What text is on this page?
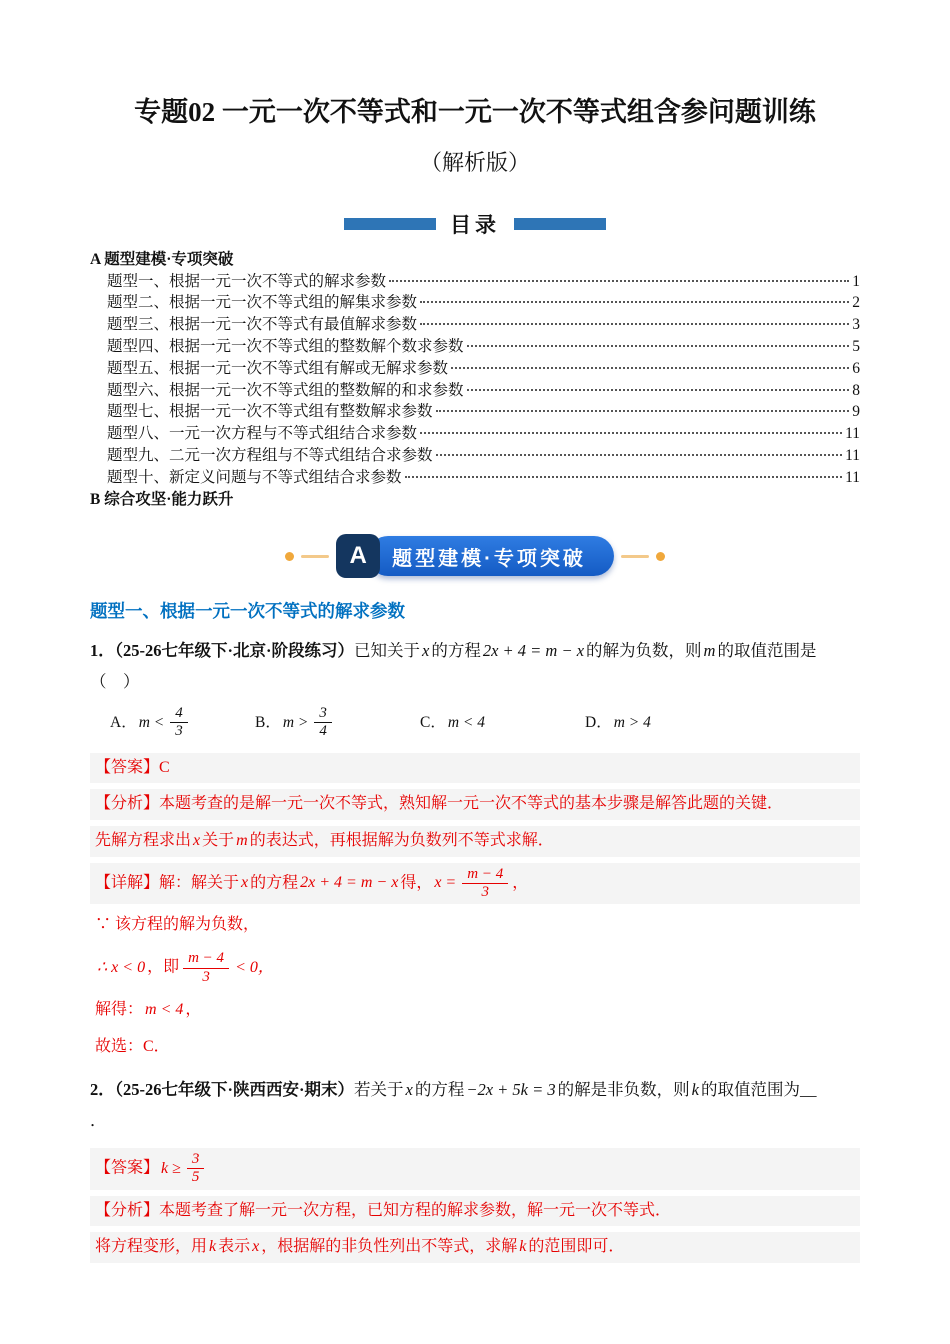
专题02 一元一次不等式和一元一次不等式组含参问题训练
（解析版）
目录
A 题型建模·专项突破
题型一、根据一元一次不等式的解求参数	1
题型二、根据一元一次不等式组的解集求参数	2
题型三、根据一元一次不等式有最值解求参数	3
题型四、根据一元一次不等式组的整数解个数求参数	5
题型五、根据一元一次不等式组有解或无解求参数	6
题型六、根据一元一次不等式组的整数解的和求参数	8
题型七、根据一元一次不等式组有整数解求参数	9
题型八、一元一次方程与不等式组结合求参数	11
题型九、二元一次方程组与不等式组结合求参数	11
题型十、新定义问题与不等式组结合求参数	11
B 综合攻坚·能力跃升
A	题型建模·专项突破
题型一、根据一元一次不等式的解求参数

1．（25-26七年级下·北京·阶段练习）已知关于 x 的方程 2x + 4 = m − x 的解为负数，则 m 的取值范围是

（　）

A． $m < \frac{4}{3}$	B． $m > \frac{3}{4}$	C． m < 4	D． m > 4

【答案】C

【分析】本题考查的是解一元一次不等式，熟知解一元一次不等式的基本步骤是解答此题的关键．

先解方程求出 x 关于 m 的表达式，再根据解为负数列不等式求解．

【详解】解：解关于 x 的方程 2x + 4 = m − x 得， $x = \frac{m - 4}{3}$ ，

∵ 该方程的解为负数，

∴ x < 0 ，即 $\frac{m - 4}{3} < 0$，

解得： m < 4 ，

故选：C．

2．（25-26七年级下·陕西西安·期末）若关于 x 的方程 −2x + 5k = 3 的解是非负数，则 k 的取值范围为__

．

【答案】 $k \ge \frac{3}{5}$

【分析】本题考查了解一元一次方程，已知方程的解求参数，解一元一次不等式．

将方程变形，用 k 表示 x ，根据解的非负性列出不等式，求解 k 的范围即可．
